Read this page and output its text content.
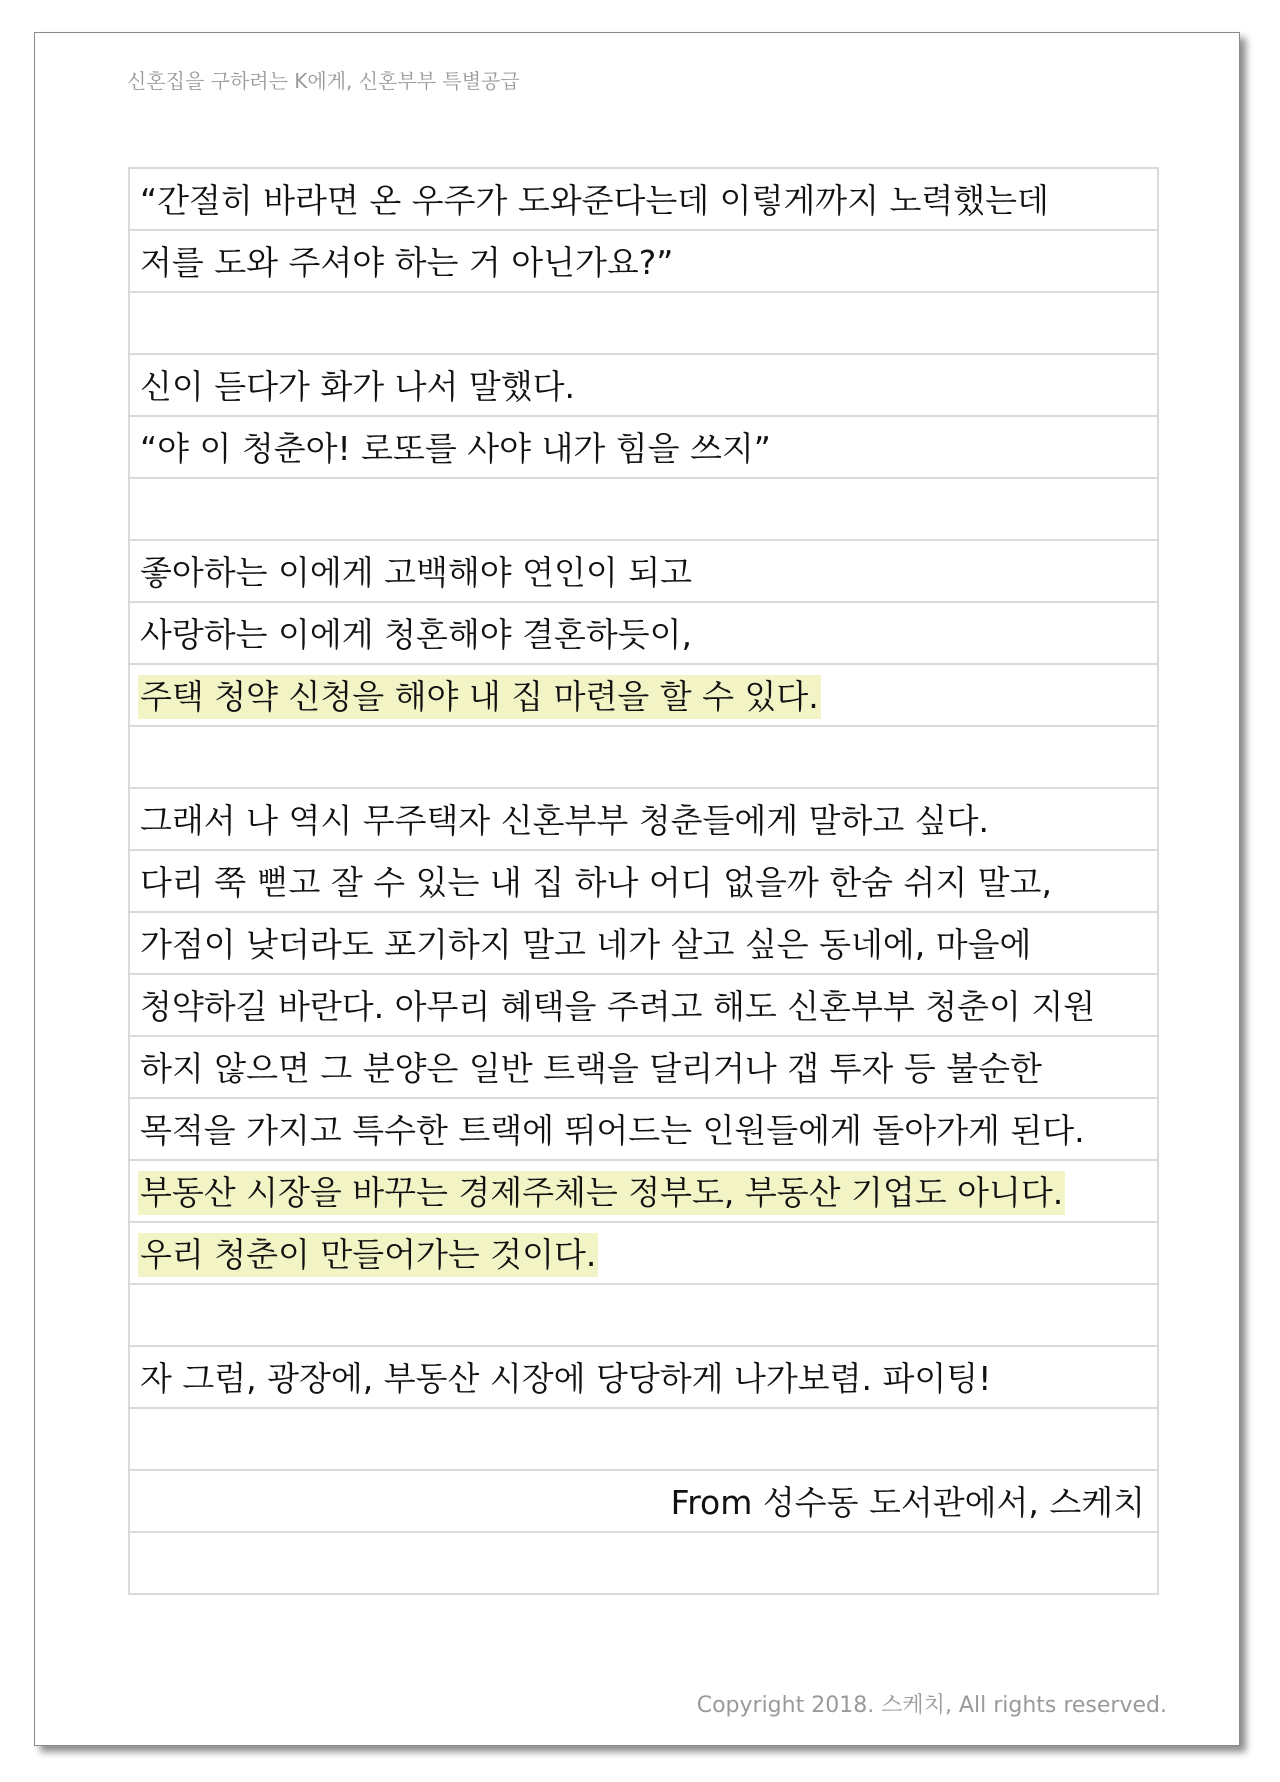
신혼집을 구하려는 K에게, 신혼부부 특별공급
“간절히 바라면 온 우주가 도와준다는데 이렇게까지 노력했는데
저를 도와 주셔야 하는 거 아닌가요?”
신이 듣다가 화가 나서 말했다.
“야 이 청춘아! 로또를 사야 내가 힘을 쓰지”
좋아하는 이에게 고백해야 연인이 되고
사랑하는 이에게 청혼해야 결혼하듯이,
주택 청약 신청을 해야 내 집 마련을 할 수 있다.
그래서 나 역시 무주택자 신혼부부 청춘들에게 말하고 싶다.
다리 쭉 뻗고 잘 수 있는 내 집 하나 어디 없을까 한숨 쉬지 말고,
가점이 낮더라도 포기하지 말고 네가 살고 싶은 동네에, 마을에
청약하길 바란다. 아무리 혜택을 주려고 해도 신혼부부 청춘이 지원
하지 않으면 그 분양은 일반 트랙을 달리거나 갭 투자 등 불순한
목적을 가지고 특수한 트랙에 뛰어드는 인원들에게 돌아가게 된다.
부동산 시장을 바꾸는 경제주체는 정부도, 부동산 기업도 아니다.
우리 청춘이 만들어가는 것이다.
자 그럼, 광장에, 부동산 시장에 당당하게 나가보렴. 파이팅!
From 성수동 도서관에서, 스케치
Copyright 2018. 스케치, All rights reserved.
